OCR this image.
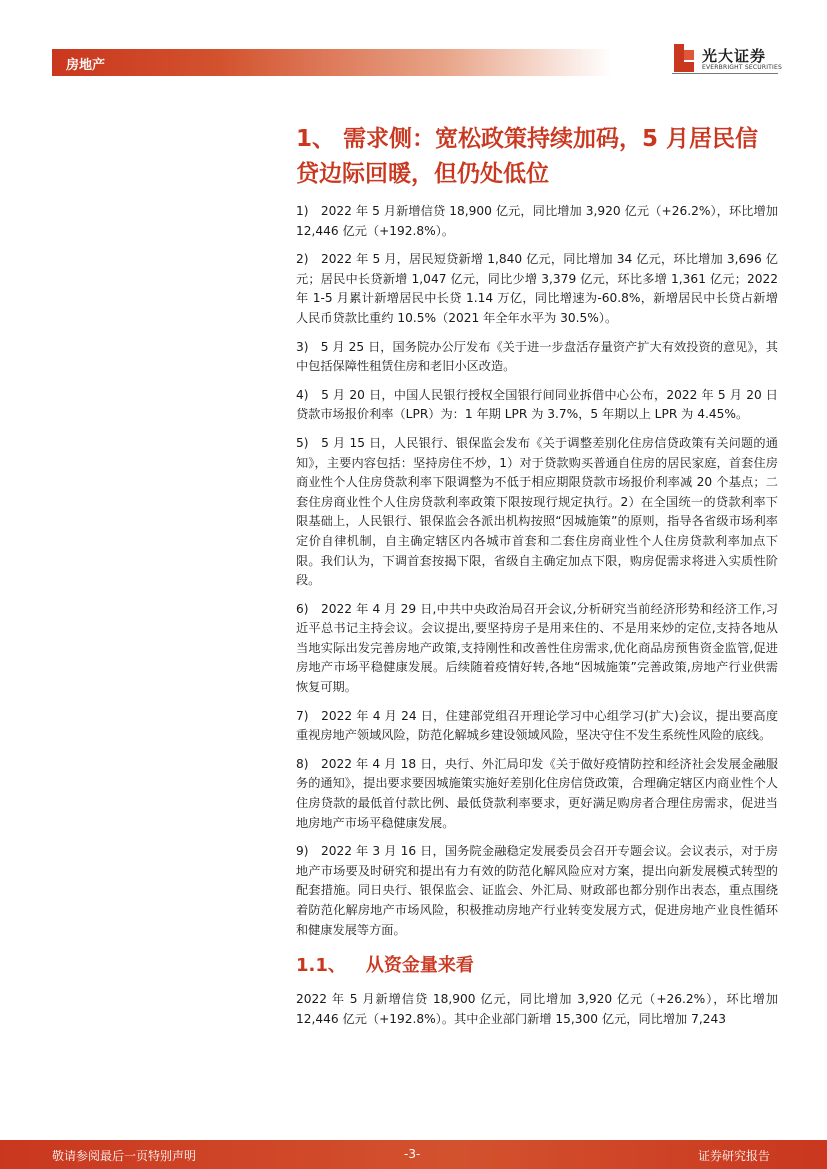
房地产
光大证券
EVERBRIGHT SECURITIES
1、 需求侧：宽松政策持续加码，5 月居民信贷边际回暖，但仍处低位

1)　2022 年 5 月新增信贷 18,900 亿元，同比增加 3,920 亿元（+26.2%），环比增加 12,446 亿元（+192.8%）。

2)　2022 年 5 月，居民短贷新增 1,840 亿元，同比增加 34 亿元，环比增加 3,696 亿元；居民中长贷新增 1,047 亿元，同比少增 3,379 亿元，环比多增 1,361 亿元；2022 年 1-5 月累计新增居民中长贷 1.14 万亿，同比增速为-60.8%，新增居民中长贷占新增人民币贷款比重约 10.5%（2021 年全年水平为 30.5%）。

3)　5 月 25 日，国务院办公厅发布《关于进一步盘活存量资产扩大有效投资的意见》，其中包括保障性租赁住房和老旧小区改造。

4)　5 月 20 日，中国人民银行授权全国银行间同业拆借中心公布，2022 年 5 月 20 日贷款市场报价利率（LPR）为：1 年期 LPR 为 3.7%，5 年期以上 LPR 为 4.45%。

5)　5 月 15 日，人民银行、银保监会发布《关于调整差别化住房信贷政策有关问题的通知》，主要内容包括：坚持房住不炒，1）对于贷款购买普通自住房的居民家庭，首套住房商业性个人住房贷款利率下限调整为不低于相应期限贷款市场报价利率减 20 个基点；二套住房商业性个人住房贷款利率政策下限按现行规定执行。2）在全国统一的贷款利率下限基础上，人民银行、银保监会各派出机构按照“因城施策”的原则，指导各省级市场利率定价自律机制，自主确定辖区内各城市首套和二套住房商业性个人住房贷款利率加点下限。我们认为，下调首套按揭下限，省级自主确定加点下限，购房促需求将进入实质性阶段。

6)　2022 年 4 月 29 日,中共中央政治局召开会议,分析研究当前经济形势和经济工作,习近平总书记主持会议。会议提出,要坚持房子是用来住的、不是用来炒的定位,支持各地从当地实际出发完善房地产政策,支持刚性和改善性住房需求,优化商品房预售资金监管,促进房地产市场平稳健康发展。后续随着疫情好转,各地“因城施策”完善政策,房地产行业供需恢复可期。

7)　2022 年 4 月 24 日，住建部党组召开理论学习中心组学习(扩大)会议，提出要高度重视房地产领域风险，防范化解城乡建设领域风险，坚决守住不发生系统性风险的底线。

8)　2022 年 4 月 18 日，央行、外汇局印发《关于做好疫情防控和经济社会发展金融服务的通知》，提出要求要因城施策实施好差别化住房信贷政策，合理确定辖区内商业性个人住房贷款的最低首付款比例、最低贷款利率要求，更好满足购房者合理住房需求，促进当地房地产市场平稳健康发展。

9)　2022 年 3 月 16 日，国务院金融稳定发展委员会召开专题会议。会议表示，对于房地产市场要及时研究和提出有力有效的防范化解风险应对方案，提出向新发展模式转型的配套措施。同日央行、银保监会、证监会、外汇局、财政部也都分别作出表态，重点围绕着防范化解房地产市场风险，积极推动房地产行业转变发展方式，促进房地产业良性循环和健康发展等方面。

1.1、 从资金量来看

2022 年 5 月新增信贷 18,900 亿元，同比增加 3,920 亿元（+26.2%），环比增加 12,446 亿元（+192.8%）。其中企业部门新增 15,300 亿元，同比增加 7,243

敬请参阅最后一页特别声明	-3-	证券研究报告
